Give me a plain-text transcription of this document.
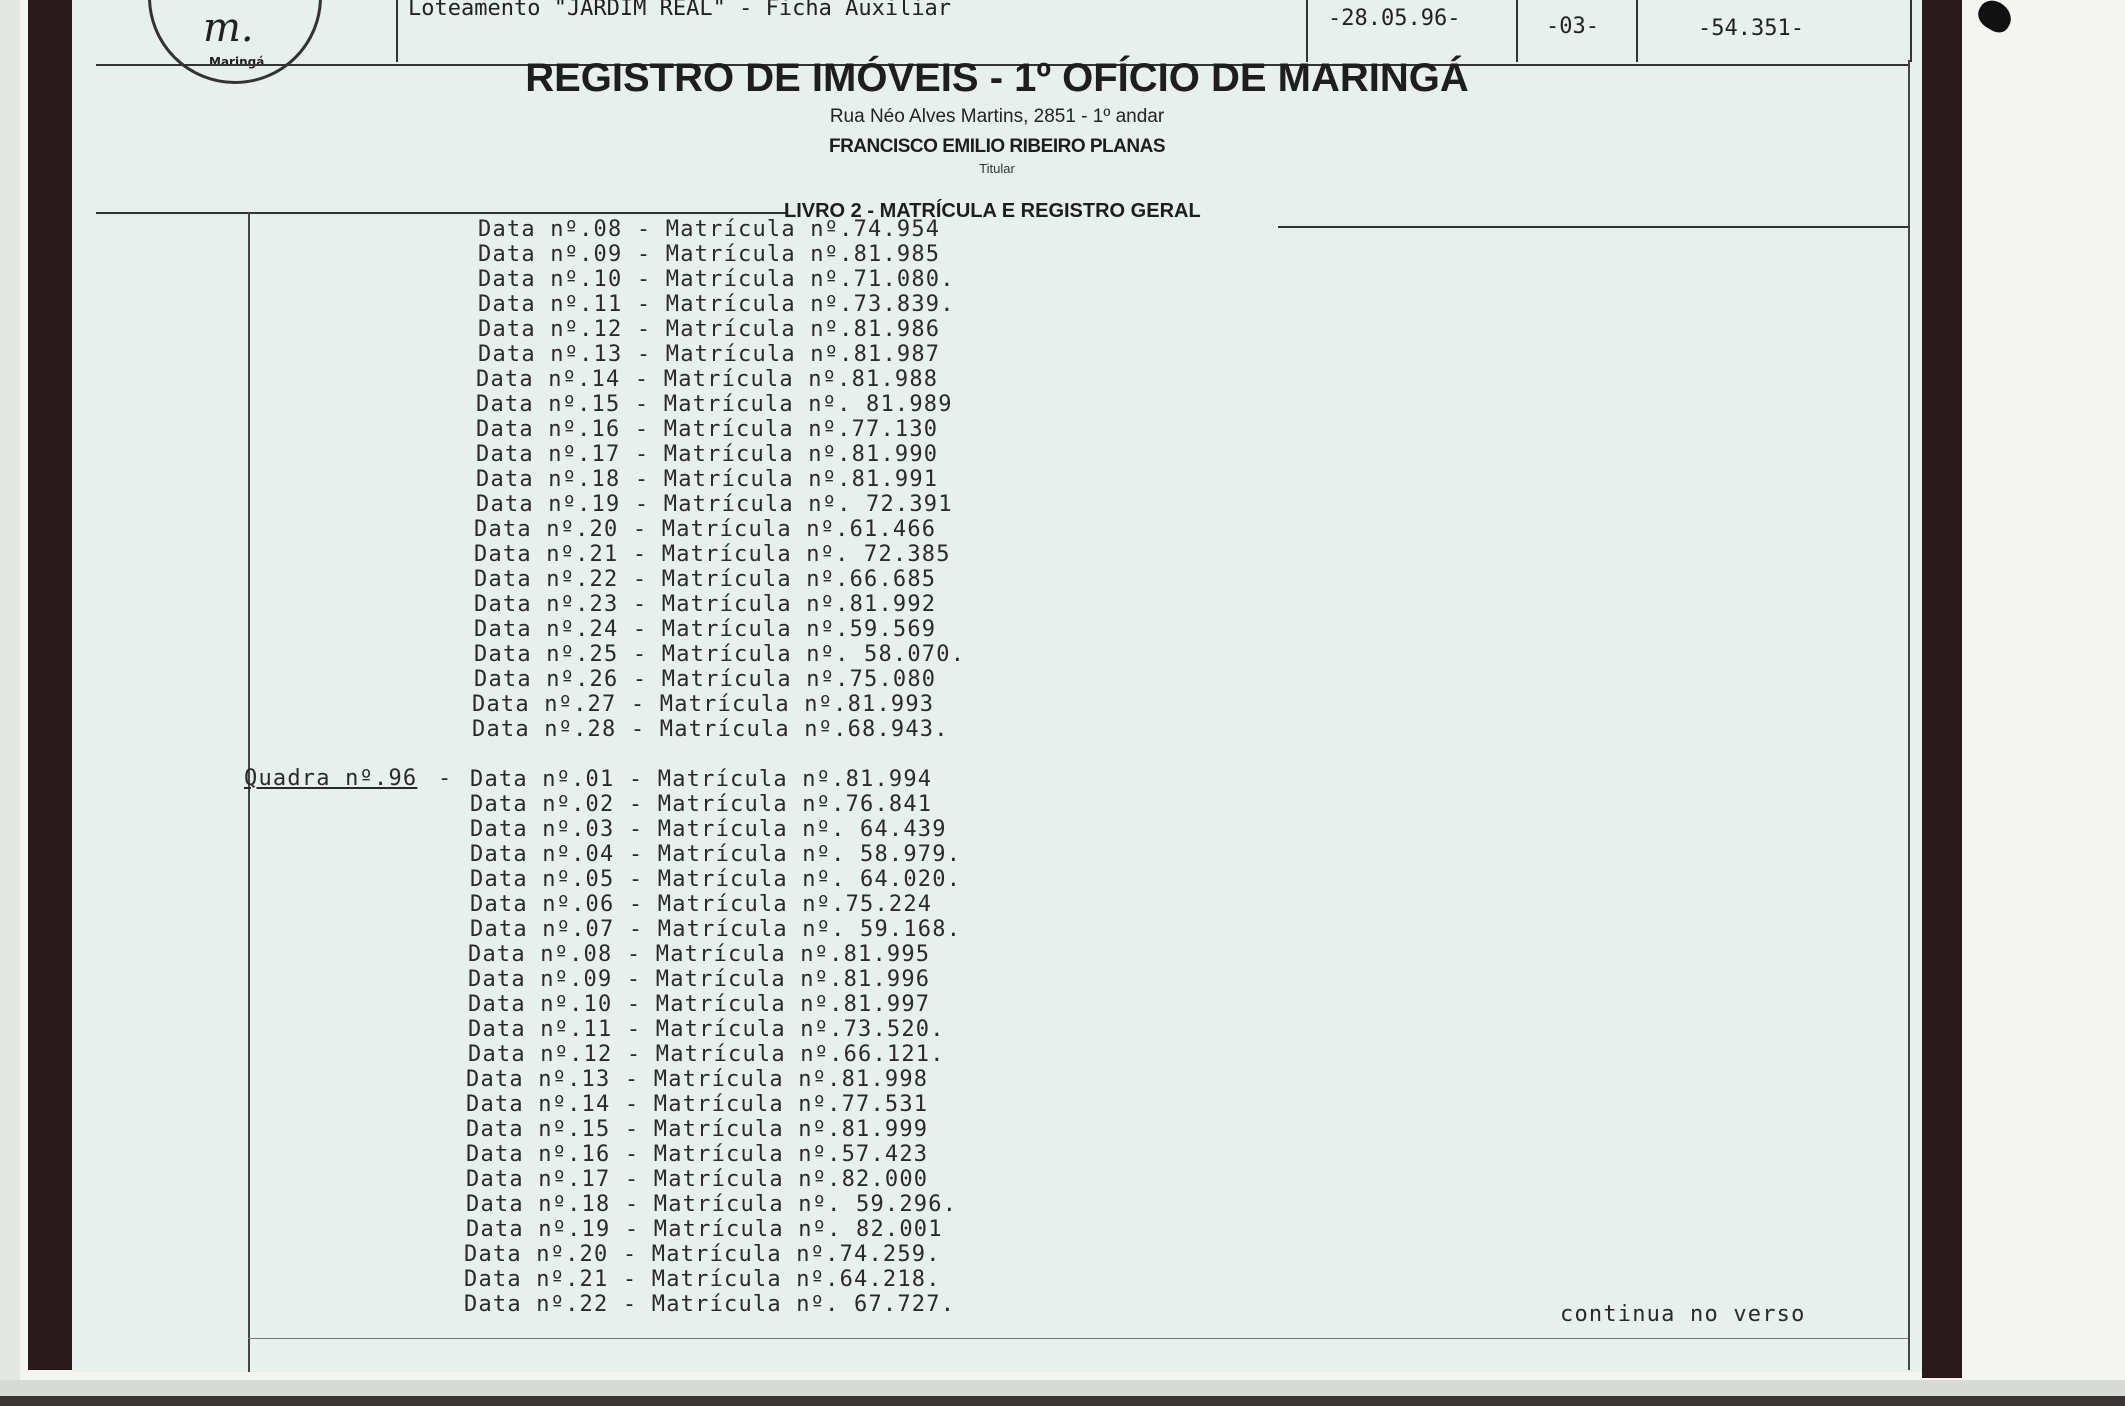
m.
Maringá
Loteamento "JARDIM REAL" - Ficha Auxiliar	-28.05.96-	-03-	-54.351-
REGISTRO DE IMÓVEIS - 1º OFÍCIO DE MARINGÁ
Rua Néo Alves Martins, 2851 - 1º andar
FRANCISCO EMILIO RIBEIRO PLANAS
Titular
LIVRO 2 - MATRÍCULA E REGISTRO GERAL
Data nº.08 - Matrícula nº.74.954
Data nº.09 - Matrícula nº.81.985
Data nº.10 - Matrícula nº.71.080.
Data nº.11 - Matrícula nº.73.839.
Data nº.12 - Matrícula nº.81.986
Data nº.13 - Matrícula nº.81.987
Data nº.14 - Matrícula nº.81.988
Data nº.15 - Matrícula nº. 81.989
Data nº.16 - Matrícula nº.77.130
Data nº.17 - Matrícula nº.81.990
Data nº.18 - Matrícula nº.81.991
Data nº.19 - Matrícula nº. 72.391
Data nº.20 - Matrícula nº.61.466
Data nº.21 - Matrícula nº. 72.385
Data nº.22 - Matrícula nº.66.685
Data nº.23 - Matrícula nº.81.992
Data nº.24 - Matrícula nº.59.569
Data nº.25 - Matrícula nº. 58.070.
Data nº.26 - Matrícula nº.75.080
Data nº.27 - Matrícula nº.81.993
Data nº.28 - Matrícula nº.68.943.
Quadra nº.96 - Data nº.01 - Matrícula nº.81.994
Data nº.02 - Matrícula nº.76.841
Data nº.03 - Matrícula nº. 64.439
Data nº.04 - Matrícula nº. 58.979.
Data nº.05 - Matrícula nº. 64.020.
Data nº.06 - Matrícula nº.75.224
Data nº.07 - Matrícula nº. 59.168.
Data nº.08 - Matrícula nº.81.995
Data nº.09 - Matrícula nº.81.996
Data nº.10 - Matrícula nº.81.997
Data nº.11 - Matrícula nº.73.520.
Data nº.12 - Matrícula nº.66.121.
Data nº.13 - Matrícula nº.81.998
Data nº.14 - Matrícula nº.77.531
Data nº.15 - Matrícula nº.81.999
Data nº.16 - Matrícula nº.57.423
Data nº.17 - Matrícula nº.82.000
Data nº.18 - Matrícula nº. 59.296.
Data nº.19 - Matrícula nº. 82.001
Data nº.20 - Matrícula nº.74.259.
Data nº.21 - Matrícula nº.64.218.
Data nº.22 - Matrícula nº. 67.727.	continua no verso
